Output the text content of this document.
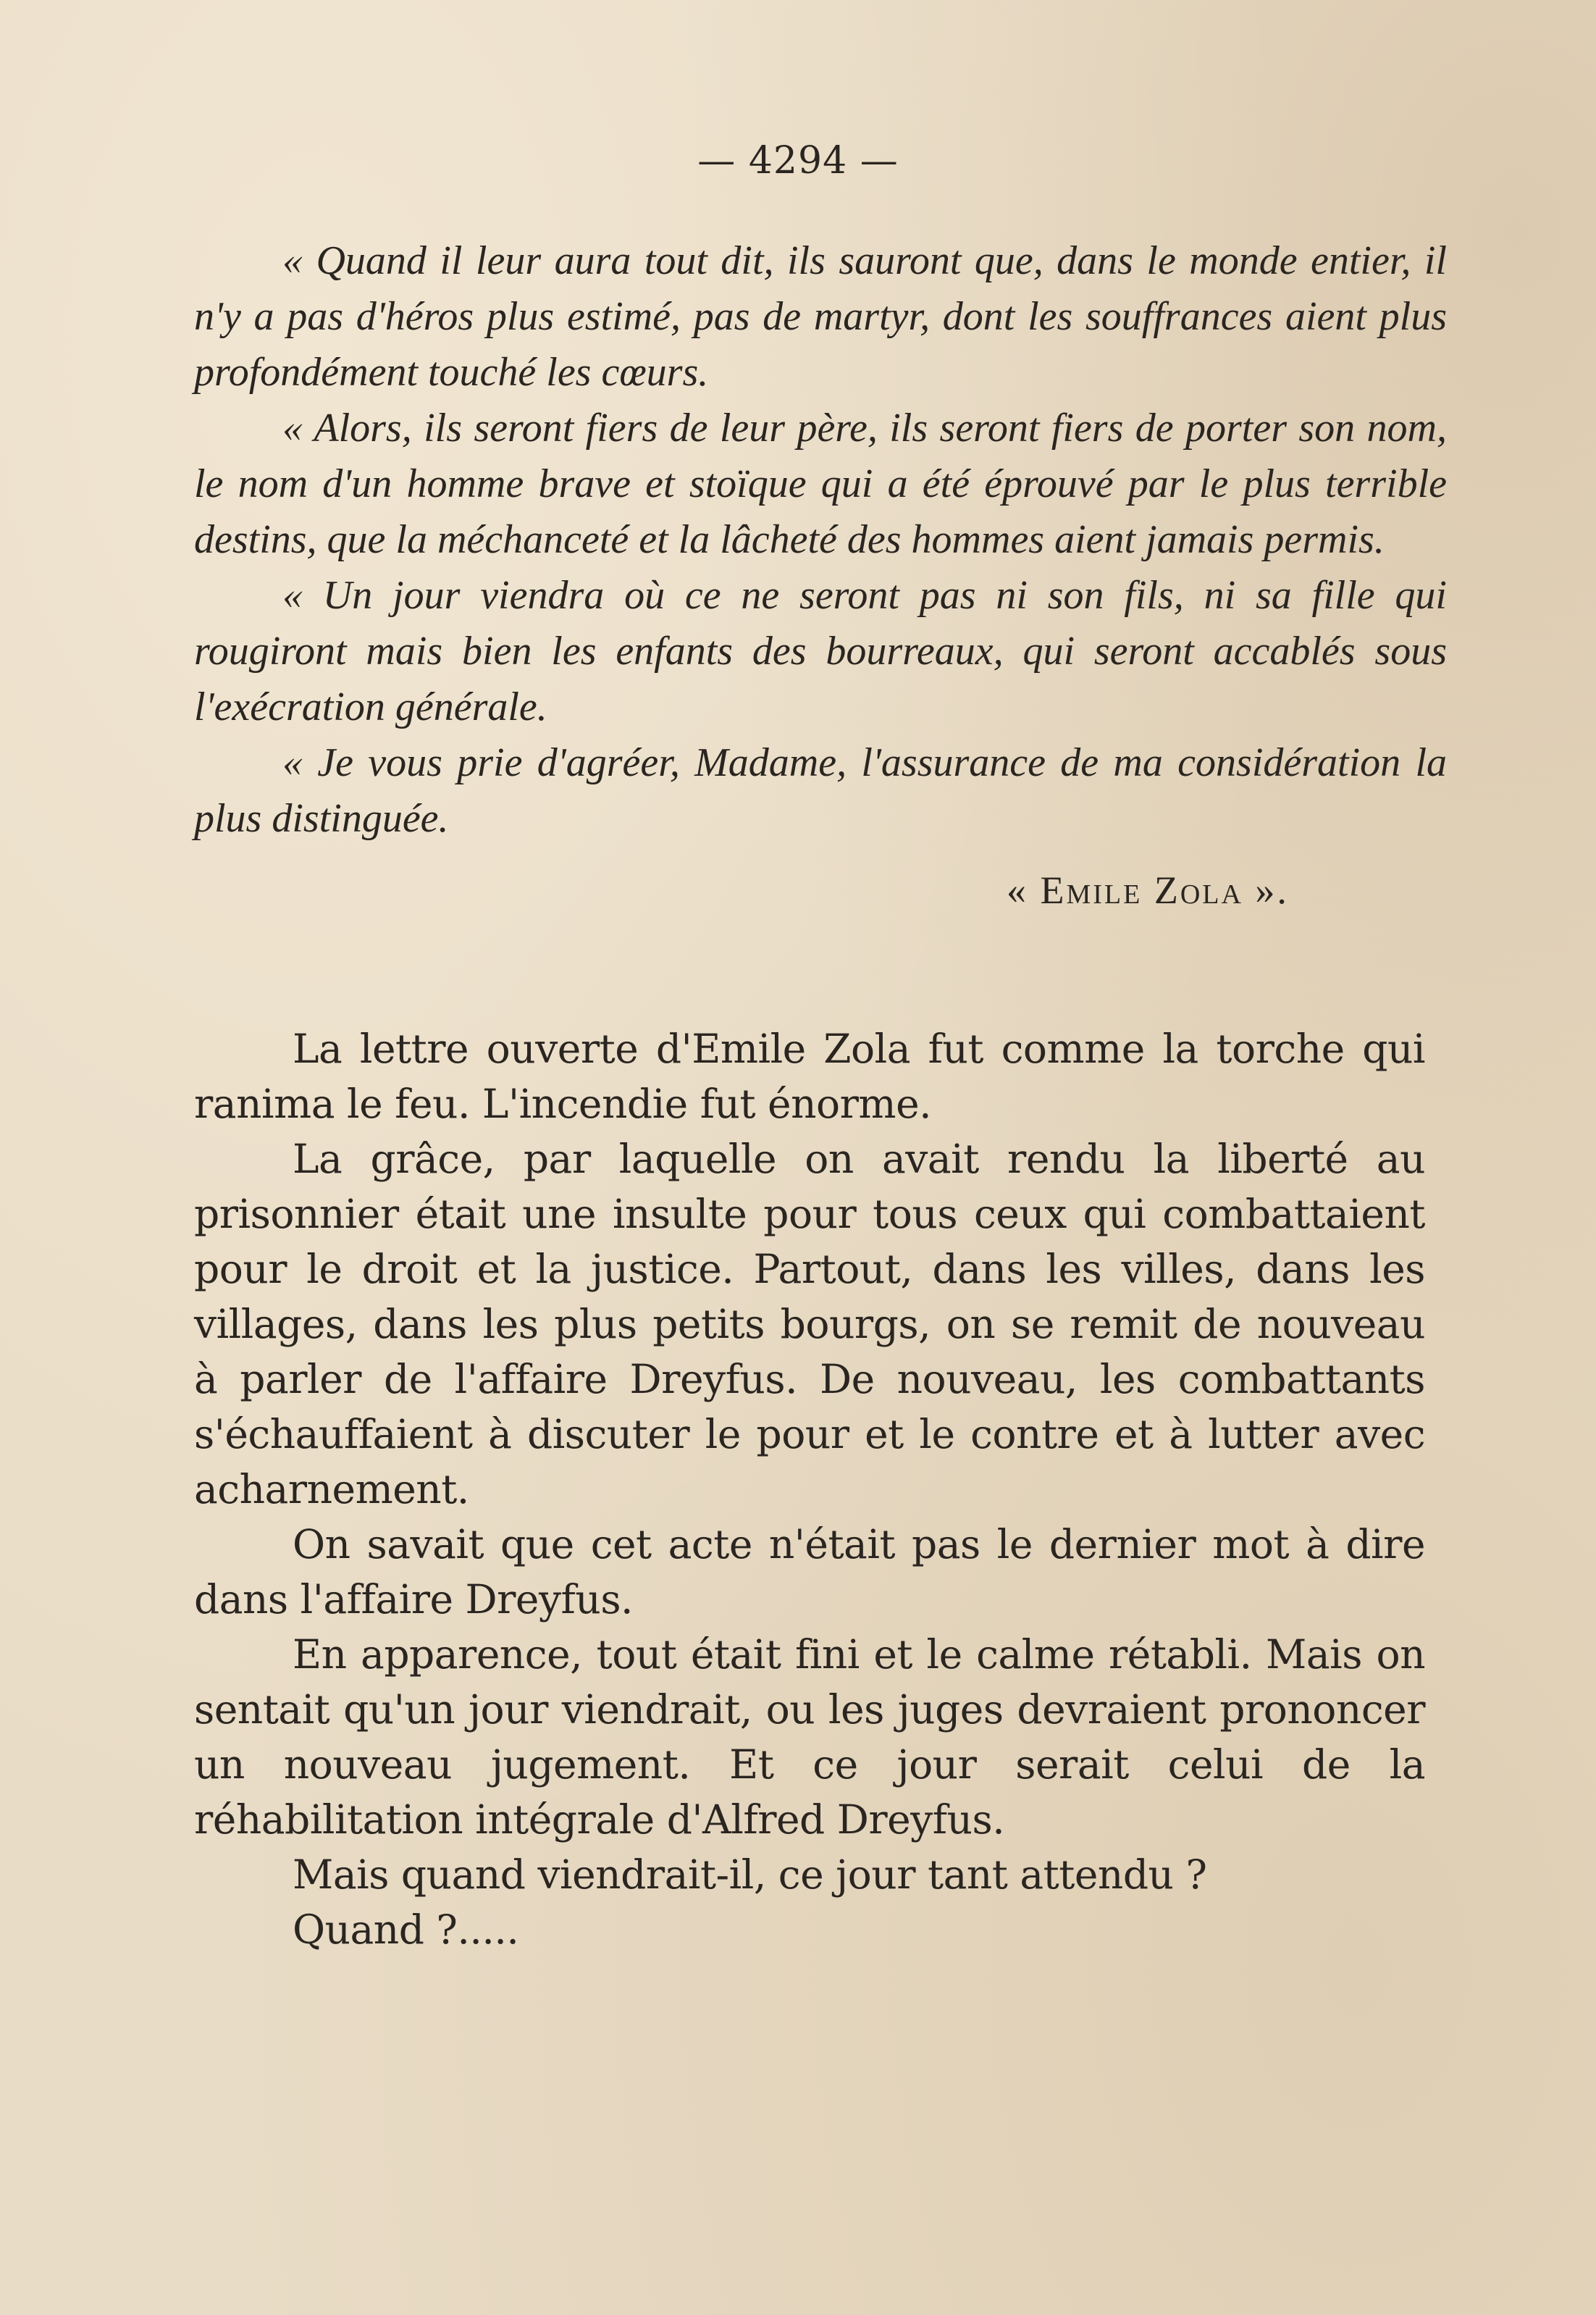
— 4294 —

« Quand il leur aura tout dit, ils sauront que, dans le monde entier, il n'y a pas d'héros plus estimé, pas de martyr, dont les souffrances aient plus profondément touché les cœurs.

« Alors, ils seront fiers de leur père, ils seront fiers de porter son nom, le nom d'un homme brave et stoïque qui a été éprouvé par le plus terrible destins, que la méchanceté et la lâcheté des hommes aient jamais permis.

« Un jour viendra où ce ne seront pas ni son fils, ni sa fille qui rougiront mais bien les enfants des bourreaux, qui seront accablés sous l'exécration générale.

« Je vous prie d'agréer, Madame, l'assurance de ma considération la plus distinguée.

« Emile Zola ».

La lettre ouverte d'Emile Zola fut comme la torche qui ranima le feu. L'incendie fut énorme.

La grâce, par laquelle on avait rendu la liberté au prisonnier était une insulte pour tous ceux qui combattaient pour le droit et la justice. Partout, dans les villes, dans les villages, dans les plus petits bourgs, on se remit de nouveau à parler de l'affaire Dreyfus. De nouveau, les combattants s'échauffaient à discuter le pour et le contre et à lutter avec acharnement.

On savait que cet acte n'était pas le dernier mot à dire dans l'affaire Dreyfus.

En apparence, tout était fini et le calme rétabli. Mais on sentait qu'un jour viendrait, ou les juges devraient prononcer un nouveau jugement. Et ce jour serait celui de la réhabilitation intégrale d'Alfred Dreyfus.

Mais quand viendrait-il, ce jour tant attendu ?

Quand ?.....
